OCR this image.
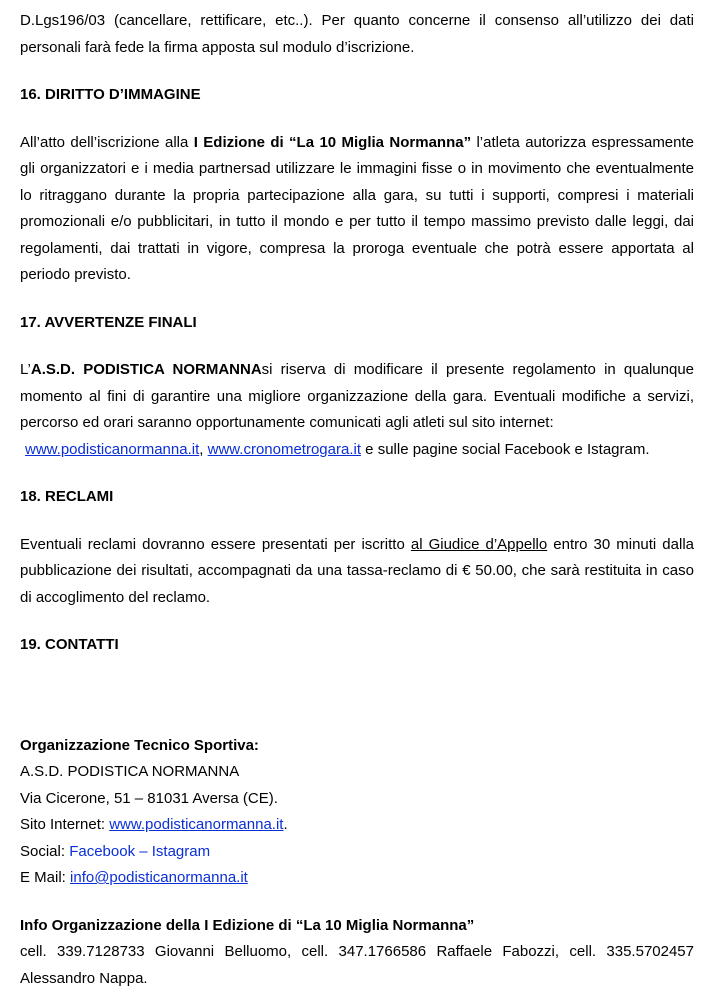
D.Lgs196/03 (cancellare, rettificare, etc..). Per quanto concerne il consenso all’utilizzo dei dati personali farà fede la firma apposta sul modulo d’iscrizione.

16. DIRITTO D’IMMAGINE

All’atto dell’iscrizione alla I Edizione di “La 10 Miglia Normanna” l’atleta autorizza espressamente gli organizzatori e i media partnersad utilizzare le immagini fisse o in movimento che eventualmente lo ritraggano durante la propria partecipazione alla gara, su tutti i supporti, compresi i materiali promozionali e/o pubblicitari, in tutto il mondo e per tutto il tempo massimo previsto dalle leggi, dai regolamenti, dai trattati in vigore, compresa la proroga eventuale che potrà essere apportata al periodo previsto.

17. AVVERTENZE FINALI

L’A.S.D. PODISTICA NORMANNAsi riserva di modificare il presente regolamento in qualunque momento al fini di garantire una migliore organizzazione della gara. Eventuali modifiche a servizi, percorso ed orari saranno opportunamente comunicati agli atleti sul sito internet:

www.podisticanormanna.it, www.cronometrogara.it e sulle pagine social Facebook e Istagram.

18. RECLAMI

Eventuali reclami dovranno essere presentati per iscritto al Giudice d’Appello entro 30 minuti dalla pubblicazione dei risultati, accompagnati da una tassa-reclamo di € 50.00, che sarà restituita in caso di accoglimento del reclamo.

19. CONTATTI

Organizzazione Tecnico Sportiva:

A.S.D. PODISTICA NORMANNA

Via Cicerone, 51 – 81031 Aversa (CE).

Sito Internet: www.podisticanormanna.it.

Social: Facebook – Istagram

E Mail: info@podisticanormanna.it

Info Organizzazione della I Edizione di “La 10 Miglia Normanna”

cell. 339.7128733 Giovanni Belluomo, cell. 347.1766586 Raffaele Fabozzi, cell. 335.5702457 Alessandro Nappa.
